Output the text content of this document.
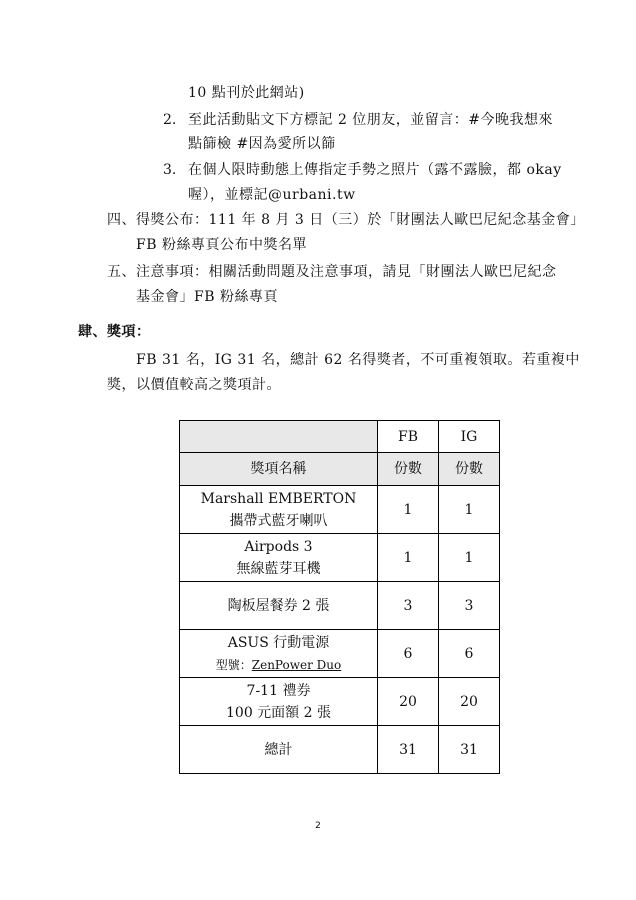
10 點刊於此網站)
2. 至此活動貼文下方標記 2 位朋友，並留言：#今晚我想來
點篩檢 #因為愛所以篩
3. 在個人限時動態上傳指定手勢之照片（露不露臉，都 okay
喔），並標記@urbani.tw
四、得獎公布：111 年 8 月 3 日（三）於「財團法人歐巴尼紀念基金會」
FB 粉絲專頁公布中獎名單
五、注意事項：相關活動問題及注意事項，請見「財團法人歐巴尼紀念
基金會」FB 粉絲專頁
肆、獎項：
FB 31 名，IG 31 名，總計 62 名得獎者，不可重複領取。若重複中
獎，以價值較高之獎項計。
	FB	IG
獎項名稱	份數	份數

Marshall EMBERTON
攜帶式藍牙喇叭	1	1

Airpods 3
無線藍芽耳機	1	1

陶板屋餐券 2 張	3	3

ASUS 行動電源
型號：ZenPower Duo	6	6

7-11 禮券
100 元面額 2 張	20	20
總計	31	31
2
